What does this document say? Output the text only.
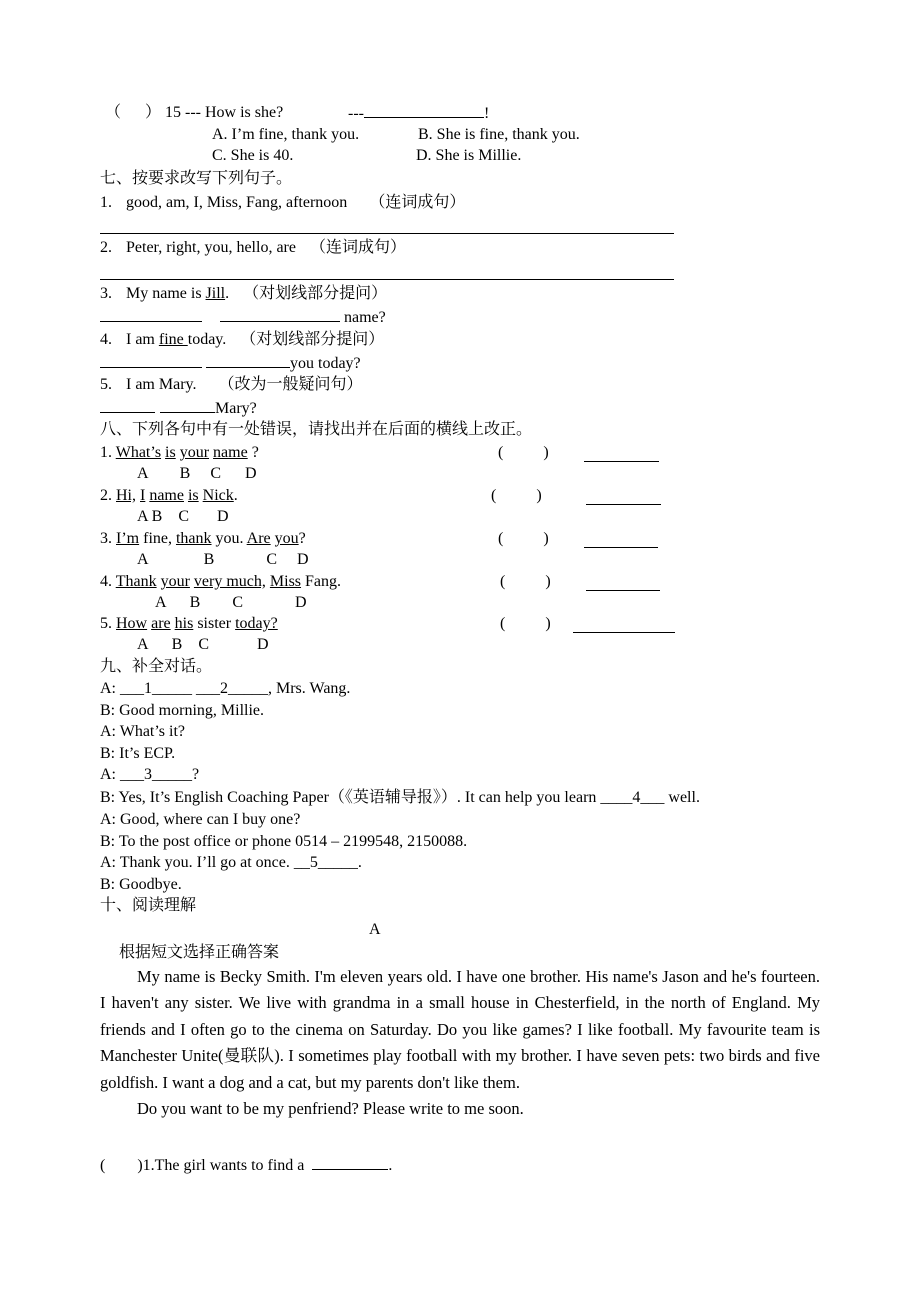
（      ） 15 --- How is she?	---	!
A. I’m fine, thank you.	B. She is fine, thank you.
C. She is 40.	D. She is Millie.
七、按要求改写下列句子。
1. good, am, I, Miss, Fang, afternoon （连词成句）
2. Peter, right, you, hello, are （连词成句）
3. My name is Jill. （对划线部分提问）
name?
4. I am fine today. （对划线部分提问）
you today?
5. I am Mary. （改为一般疑问句）
Mary?
八、下列各句中有一处错误，请找出并在后面的横线上改正。
1. What’s is your name ?	(          )
A        B     C      D
2. Hi, I name is Nick.	(          )
A B    C       D
3. I’m fine, thank you. Are you?	(          )
A              B             C     D
4. Thank your very much, Miss Fang.	(          )
A      B        C             D
5. How are his sister today?	(          )
A      B    C            D
九、补全对话。
A: ___1_____ ___2_____, Mrs. Wang.
B: Good morning, Millie.
A: What’s it?
B: It’s ECP.
A: ___3_____?
B: Yes, It’s English Coaching Paper（《英语辅导报》）. It can help you learn ____4___ well.
A: Good, where can I buy one?
B: To the post office or phone 0514 – 2199548, 2150088.
A: Thank you. I’ll go at once. __5_____.
B: Goodbye.
十、阅读理解
A
根据短文选择正确答案

My name is Becky Smith. I'm eleven years old. I have one brother. His name's Jason and he's fourteen. I haven't any sister. We live with grandma in a small house in Chesterfield, in the north of England. My friends and I often go to the cinema on Saturday. Do you like games? I like football. My favourite team is Manchester Unite(曼联队). I sometimes play football with my brother. I have seven pets: two birds and five goldfish. I want a dog and a cat, but my parents don't like them.

Do you want to be my penfriend? Please write to me soon.

(        )1.The girl wants to find a	.
